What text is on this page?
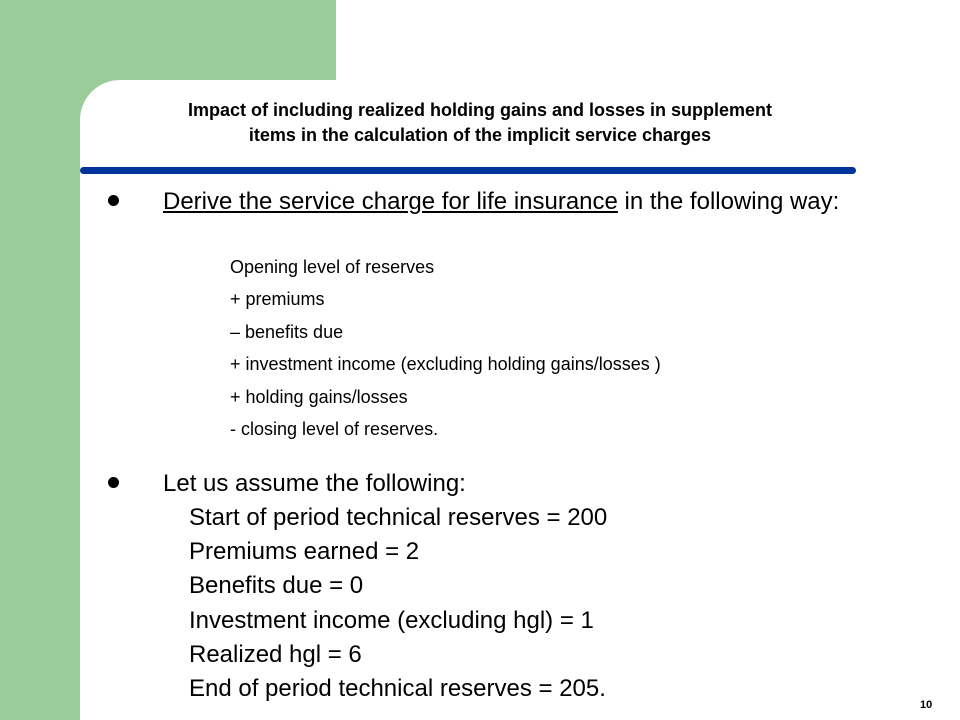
Impact of including realized holding gains and losses in supplement
items in the calculation of the implicit service charges
Derive the service charge for life insurance in the following way:
Opening level of reserves
+ premiums
– benefits due
+ investment income (excluding holding gains/losses )
+ holding gains/losses
- closing level of reserves.
Let us assume the following:
Start of period technical reserves = 200
Premiums earned = 2
Benefits due = 0
Investment income (excluding hgl) = 1
Realized hgl = 6
End of period technical reserves = 205.
10
